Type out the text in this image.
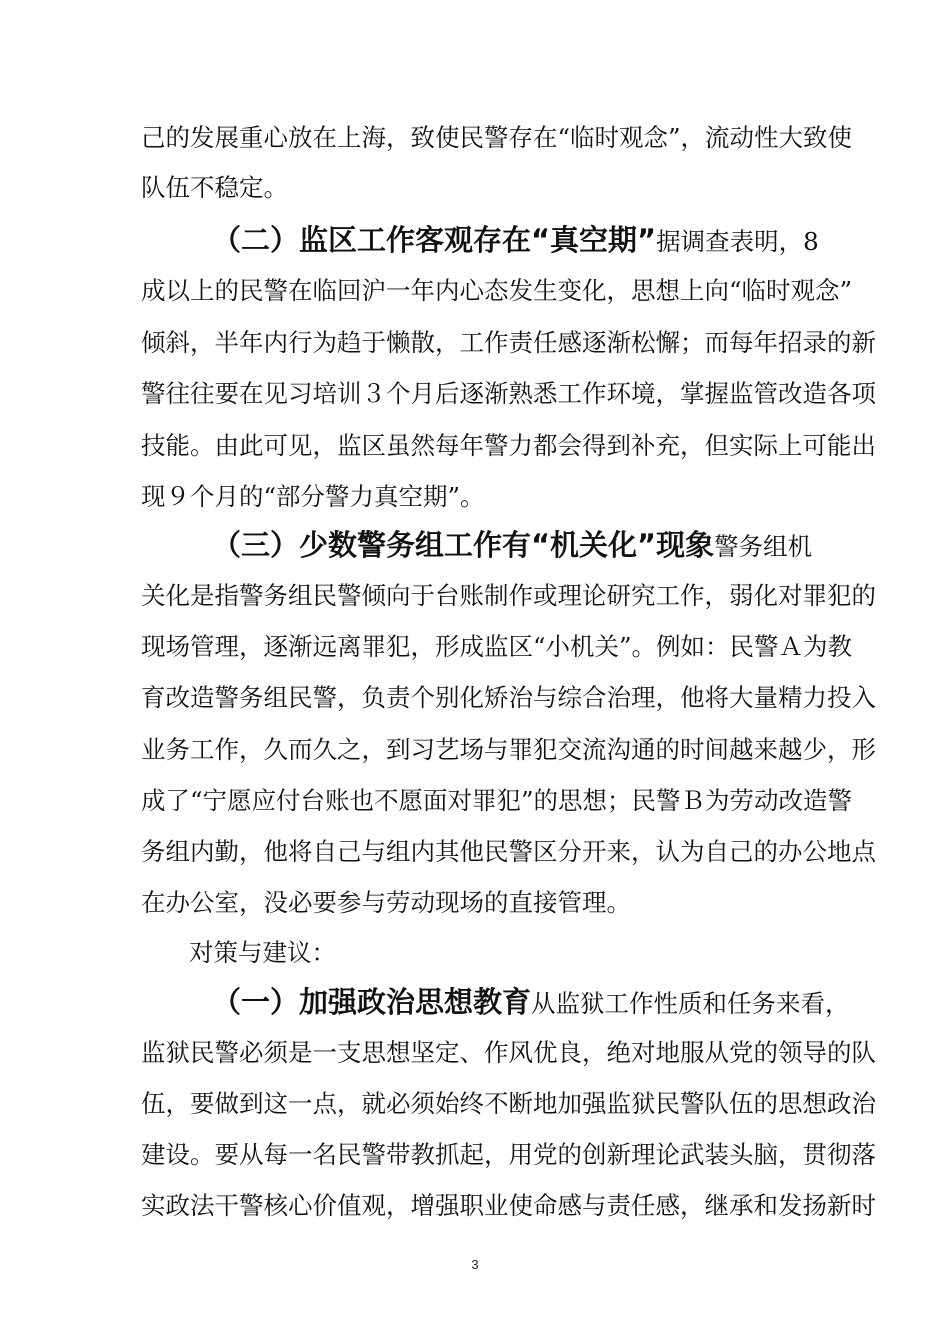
己的发展重心放在上海，致使民警存在“临时观念”，流动性大致使
队伍不稳定。
（二）监区工作客观存在“真空期”据调查表明，8
成以上的民警在临回沪一年内心态发生变化，思想上向“临时观念”
倾斜，半年内行为趋于懒散，工作责任感逐渐松懈；而每年招录的新
警往往要在见习培训３个月后逐渐熟悉工作环境，掌握监管改造各项
技能。由此可见，监区虽然每年警力都会得到补充，但实际上可能出
现９个月的“部分警力真空期”。
（三）少数警务组工作有“机关化”现象警务组机
关化是指警务组民警倾向于台账制作或理论研究工作，弱化对罪犯的
现场管理，逐渐远离罪犯，形成监区“小机关”。例如：民警Ａ为教
育改造警务组民警，负责个别化矫治与综合治理，他将大量精力投入
业务工作，久而久之，到习艺场与罪犯交流沟通的时间越来越少，形
成了“宁愿应付台账也不愿面对罪犯”的思想；民警Ｂ为劳动改造警
务组内勤，他将自己与组内其他民警区分开来，认为自己的办公地点
在办公室，没必要参与劳动现场的直接管理。
对策与建议：
（一）加强政治思想教育从监狱工作性质和任务来看，
监狱民警必须是一支思想坚定、作风优良，绝对地服从党的领导的队
伍，要做到这一点，就必须始终不断地加强监狱民警队伍的思想政治
建设。要从每一名民警带教抓起，用党的创新理论武装头脑，贯彻落
实政法干警核心价值观，增强职业使命感与责任感，继承和发扬新时
3
